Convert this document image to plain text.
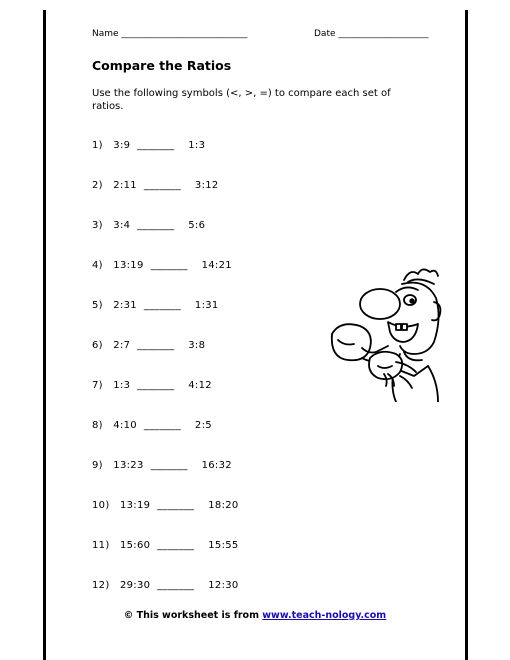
Name ____________________________	Date ____________________
Compare the Ratios
Use the following symbols (<, >, =) to compare each set of ratios.
1)   3:9  _______    1:3
2)   2:11  _______    3:12
3)   3:4  _______    5:6
4)   13:19  _______    14:21
5)   2:31  _______    1:31
6)   2:7  _______    3:8
7)   1:3  _______    4:12
8)   4:10  _______    2:5
9)   13:23  _______    16:32
10)   13:19  _______    18:20
11)   15:60  _______    15:55
12)   29:30  _______    12:30
© This worksheet is from www.teach-nology.com
